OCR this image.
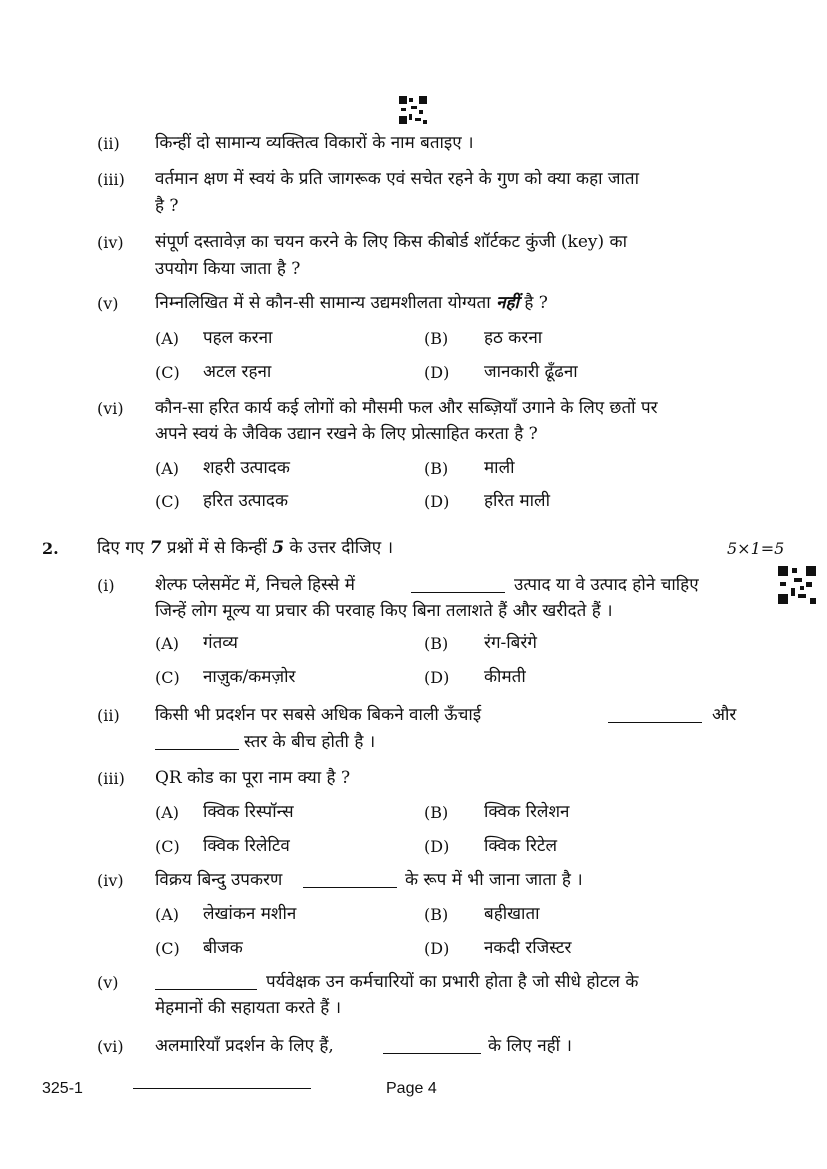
(ii) किन्हीं दो सामान्य व्यक्तित्व विकारों के नाम बताइए ।
(iii) वर्तमान क्षण में स्वयं के प्रति जागरूक एवं सचेत रहने के गुण को क्या कहा जाता
है ?
(iv) संपूर्ण दस्तावेज़ का चयन करने के लिए किस कीबोर्ड शॉर्टकट कुंजी (key) का
उपयोग किया जाता है ?
(v) निम्नलिखित में से कौन-सी सामान्य उद्यमशीलता योग्यता नहीं है ?
(A) पहल करना	(B) हठ करना
(C) अटल रहना	(D) जानकारी ढूँढना
(vi) कौन-सा हरित कार्य कई लोगों को मौसमी फल और सब्ज़ियाँ उगाने के लिए छतों पर
अपने स्वयं के जैविक उद्यान रखने के लिए प्रोत्साहित करता है ?
(A) शहरी उत्पादक	(B) माली
(C) हरित उत्पादक	(D) हरित माली
2. दिए गए 7 प्रश्नों में से किन्हीं 5 के उत्तर दीजिए ।	5×1=5
(i) शेल्फ प्लेसमेंट में, निचले हिस्से में	उत्पाद या वे उत्पाद होने चाहिए
जिन्हें लोग मूल्य या प्रचार की परवाह किए बिना तलाशते हैं और खरीदते हैं ।
(A) गंतव्य	(B) रंग-बिरंगे
(C) नाज़ुक/कमज़ोर	(D) कीमती
(ii) किसी भी प्रदर्शन पर सबसे अधिक बिकने वाली ऊँचाई	और
स्तर के बीच होती है ।
(iii) QR कोड का पूरा नाम क्या है ?
(A) क्विक रिस्पॉन्स	(B) क्विक रिलेशन
(C) क्विक रिलेटिव	(D) क्विक रिटेल
(iv) विक्रय बिन्दु उपकरण	के रूप में भी जाना जाता है ।
(A) लेखांकन मशीन	(B) बहीखाता
(C) बीजक	(D) नकदी रजिस्टर
(v)	पर्यवेक्षक उन कर्मचारियों का प्रभारी होता है जो सीधे होटल के
मेहमानों की सहायता करते हैं ।
(vi) अलमारियाँ प्रदर्शन के लिए हैं,	के लिए नहीं ।
325-1	Page 4
